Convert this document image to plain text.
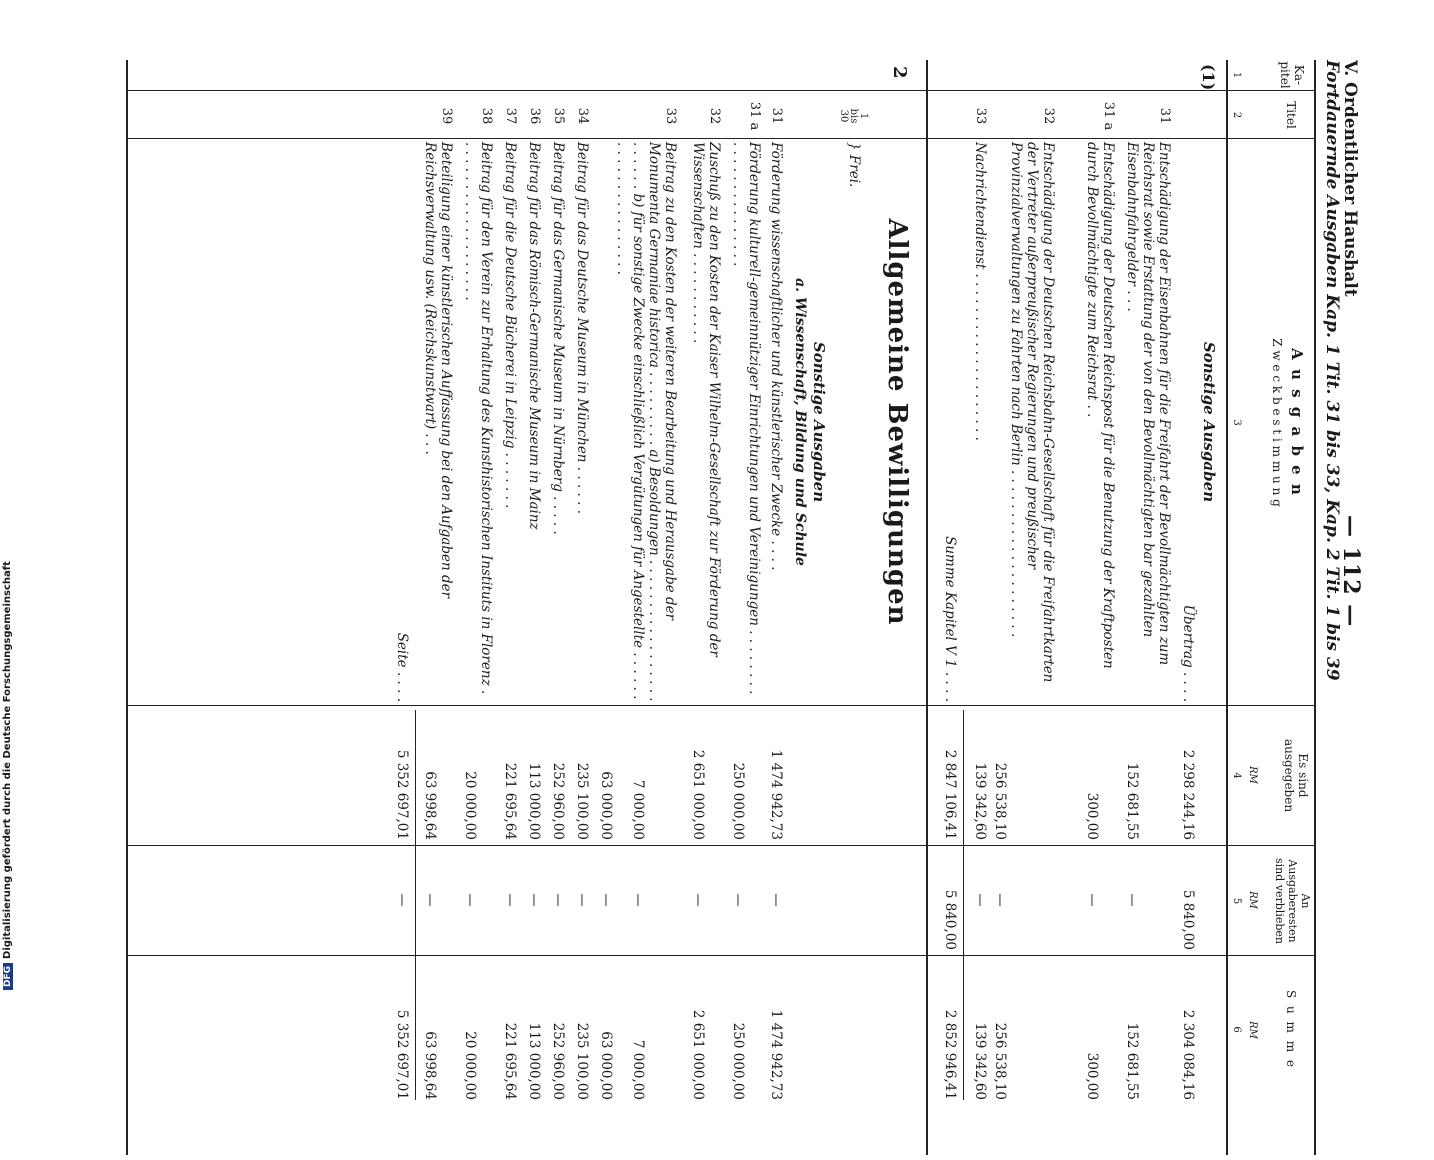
V. Ordentlicher Haushalt
— 112 —
Fortdauernde Ausgaben Kap. 1 Tit. 31 bis 33, Kap. 2 Tit. 1 bis 39
Ka-
pitel
Titel
A u s g a b e n
Z w e c k b e s t i m m u n g
Es sind
ausgegeben
An
Ausgaberesten
sind verblieben
S u m m e
RM
RM
RM
1
2
3
4
5
6
(1)
Sonstige Ausgaben
Übertrag . . . .
2 298 244,16
5 840,00
2 304 084,16
31
Entschädigung der Eisenbahnen für die Freifahrt der Bevollmächtigten zum Reichsrat sowie Erstattung der von den Bevollmächtigten bar gezahlten Eisenbahnfahrgelder . . .
152 681,55
—
152 681,55
31 a
Entschädigung der Deutschen Reichspost für die Benutzung der Kraftposten durch Bevollmächtigte zum Reichsrat . .
300,00
—
300,00
32
Entschädigung der Deutschen Reichsbahn-Gesellschaft für die Freifahrtkarten der Vertreter außerpreußischer Regierungen und preußischer Provinzialverwaltungen zu Fahrten nach Berlin . . . . . . . . . . . . . . . . . . . .
256 538,10
—
256 538,10
33
Nachrichtendienst . . . . . . . . . . . . . . . . . . . .
139 342,60
—
139 342,60
Summe Kapitel V 1 . . . .
2 847 106,41
5 840,00
2 852 946,41
2
Allgemeine Bewilligungen
1
bis
30
} Frei.
Sonstige Ausgaben
a. Wissenschaft, Bildung und Schule
31
Förderung wissenschaftlicher und künstlerischer Zwecke . . . .
1 474 942,73
—
1 474 942,73
31 a
Förderung kulturell-gemeinnütziger Einrichtungen und Vereinigungen . . . . . . . . . . . . . . . . . . . . . . .
250 000,00
—
250 000,00
32
Zuschuß zu den Kosten der Kaiser Wilhelm-Gesellschaft zur Förderung der Wissenschaften . . . . . . . . . . .
2 651 000,00
—
2 651 000,00
33
Beitrag zu den Kosten der weiteren Bearbeitung und Herausgabe der Monumenta Germaniae historica . . . . . . . . . a) Besoldungen . . . . . . . . . . . . . . . . . . . . . . . b) für sonstige Zwecke einschließlich Vergütungen für Angestellte . . . . . . . . . . . . . . . . . . . . . .
7 000,00
63 000,00
—
—
7 000,00
63 000,00
34
Beitrag für das Deutsche Museum in München . . . . . .
235 100,00
—
235 100,00
35
Beitrag für das Germanische Museum in Nürnberg . . . . .
252 960,00
—
252 960,00
36
Beitrag für das Römisch-Germanische Museum in Mainz
113 000,00
—
113 000,00
37
Beitrag für die Deutsche Bücherei in Leipzig . . . . . . .
221 695,64
—
221 695,64
38
Beitrag für den Verein zur Erhaltung des Kunsthistorischen Instituts in Florenz . . . . . . . . . . . . . . . . . . . .
20 000,00
—
20 000,00
39
Beteiligung einer künstlerischen Auffassung bei den Aufgaben der Reichsverwaltung usw. (Reichskunstwart) . . .
63 998,64
—
63 998,64
Seite . . . .
5 352 697,01
—
5 352 697,01
DFGDigitalisierung gefördert durch die Deutsche Forschungsgemeinschaft
